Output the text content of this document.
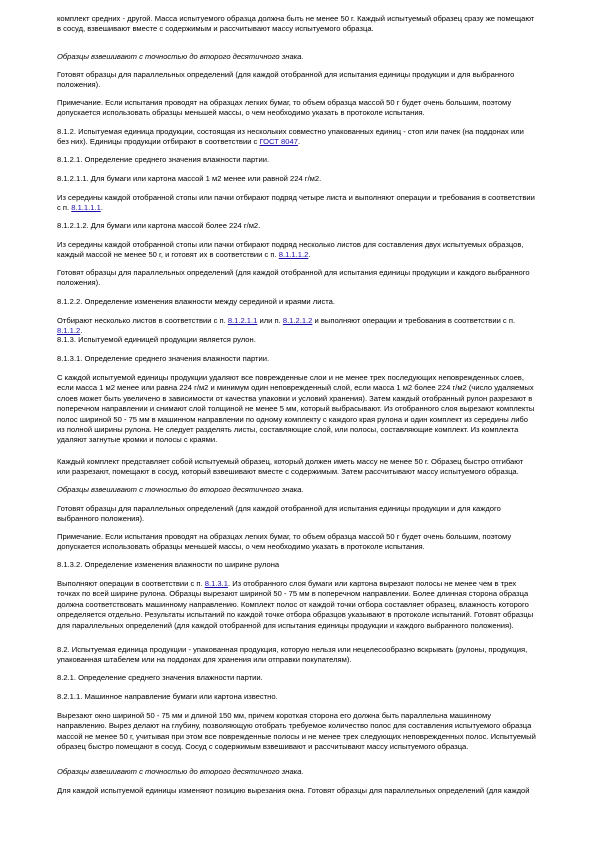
комплект средних - другой. Масса испытуемого образца должна быть не менее 50 г. Каждый испытуемый образец сразу же помещают в сосуд, взвешивают вместе с содержимым и рассчитывают массу испытуемого образца.

Образцы взвешивают с точностью до второго десятичного знака.

Готовят образцы для параллельных определений (для каждой отобранной для испытания единицы продукции и для выбранного положения).

Примечание. Если испытания проводят на образцах легких бумаг, то объем образца массой 50 г будет очень большим, поэтому допускается использовать образцы меньшей массы, о чем необходимо указать в протоколе испытания.

8.1.2. Испытуемая единица продукции, состоящая из нескольких совместно упакованных единиц - стоп или пачек (на поддонах или без них). Единицы продукции отбирают в соответствии с ГОСТ 8047.

8.1.2.1. Определение среднего значения влажности партии.

8.1.2.1.1. Для бумаги или картона массой 1 м2 менее или равной 224 г/м2.

Из середины каждой отобранной стопы или пачки отбирают подряд четыре листа и выполняют операции и требования в соответствии с п. 8.1.1.1.1.

8.1.2.1.2. Для бумаги или картона массой более 224 г/м2.

Из середины каждой отобранной стопы или пачки отбирают подряд несколько листов для составления двух испытуемых образцов, каждый массой не менее 50 г, и готовят их в соответствии с п. 8.1.1.1.2.

Готовят образцы для параллельных определений (для каждой отобранной для испытания единицы продукции и каждого выбранного положения).

8.1.2.2. Определение изменения влажности между серединой и краями листа.

Отбирают несколько листов в соответствии с п. 8.1.2.1.1 или п. 8.1.2.1.2 и выполняют операции и требования в соответствии с п. 8.1.1.2.

8.1.3. Испытуемой единицей продукции является рулон.

8.1.3.1. Определение среднего значения влажности партии.

С каждой испытуемой единицы продукции удаляют все поврежденные слои и не менее трех последующих неповрежденных слоев, если масса 1 м2 менее или равна 224 г/м2 и минимум один неповрежденный слой, если масса 1 м2 более 224 г/м2 (число удаляемых слоев может быть увеличено в зависимости от качества упаковки и условий хранения). Затем каждый отобранный рулон разрезают в поперечном направлении и снимают слой толщиной не менее 5 мм, который выбрасывают. Из отобранного слоя вырезают комплекты полос шириной 50 - 75 мм в машинном направлении по одному комплекту с каждого края рулона и один комплект из середины либо из полной ширины рулона. Не следует разделять листы, составляющие слой, или полосы, составляющие комплект. Из комплекта удаляют загнутые кромки и полосы с краями.

Каждый комплект представляет собой испытуемый образец, который должен иметь массу не менее 50 г. Образец быстро отгибают или разрезают, помещают в сосуд, который взвешивают вместе с содержимым. Затем рассчитывают массу испытуемого образца.

Образцы взвешивают с точностью до второго десятичного знака.

Готовят образцы для параллельных определений (для каждой отобранной для испытания единицы продукции и для каждого выбранного положения).

Примечание. Если испытания проводят на образцах легких бумаг, то объем образца массой 50 г будет очень большим, поэтому допускается использовать образцы меньшей массы, о чем необходимо указать в протоколе испытания.

8.1.3.2. Определение изменения влажности по ширине рулона

Выполняют операции в соответствии с п. 8.1.3.1. Из отобранного слоя бумаги или картона вырезают полосы не менее чем в трех точках по всей ширине рулона. Образцы вырезают шириной 50 - 75 мм в поперечном направлении. Более длинная сторона образца должна соответствовать машинному направлению. Комплект полос от каждой точки отбора составляет образец, влажность которого определяется отдельно. Результаты испытаний по каждой точке отбора образцов указывают в протоколе испытаний. Готовят образцы для параллельных определений (для каждой отобранной для испытания единицы продукции и каждого выбранного положения).

8.2. Испытуемая единица продукции - упакованная продукция, которую нельзя или нецелесообразно вскрывать (рулоны, продукция, упакованная штабелем или на поддонах для хранения или отправки покупателям).

8.2.1. Определение среднего значения влажности партии.

8.2.1.1. Машинное направление бумаги или картона известно.

Вырезают окно шириной 50 - 75 мм и длиной 150 мм, причем короткая сторона его должна быть параллельна машинному направлению. Вырез делают на глубину, позволяющую отобрать требуемое количество полос для составления испытуемого образца массой не менее 50 г, учитывая при этом все поврежденные полосы и не менее трех следующих неповрежденных полос. Испытуемый образец быстро помещают в сосуд. Сосуд с содержимым взвешивают и рассчитывают массу испытуемого образца.

Образцы взвешивают с точностью до второго десятичного знака.

Для каждой испытуемой единицы изменяют позицию вырезания окна. Готовят образцы для параллельных определений (для каждой
